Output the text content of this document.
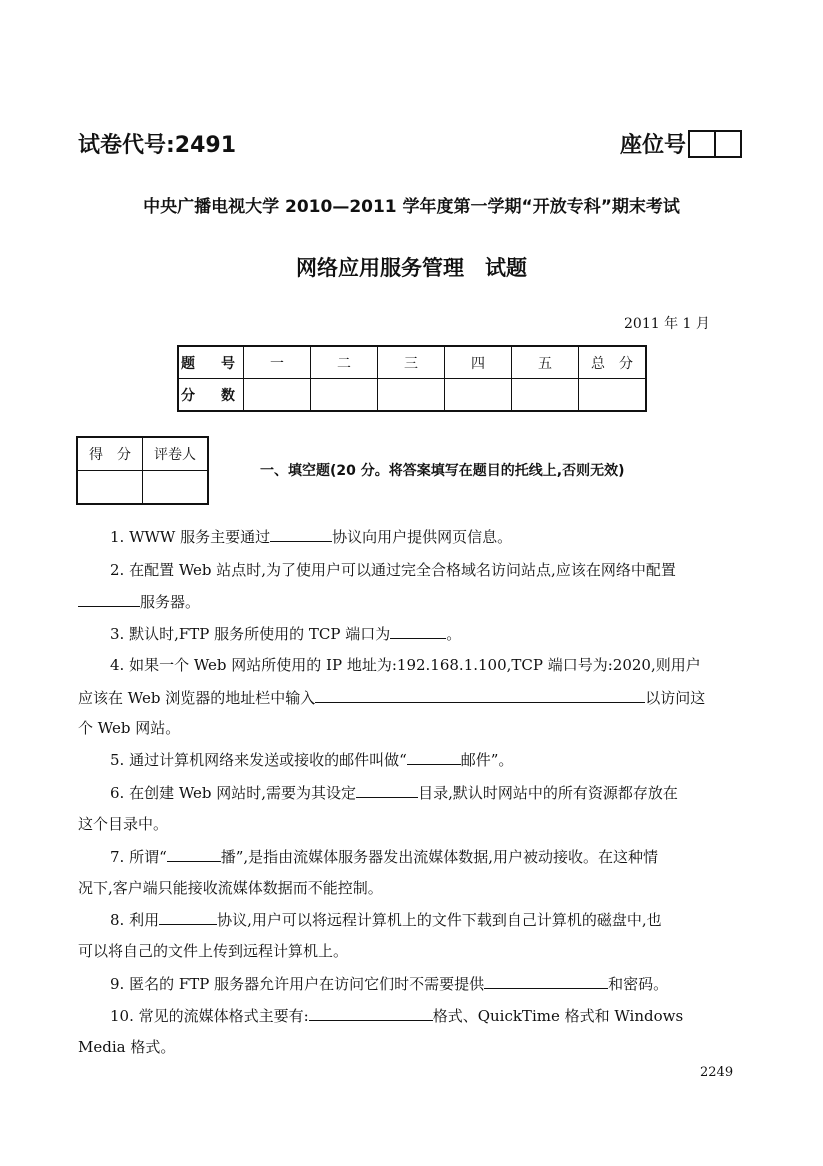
试卷代号:2491	座位号
中央广播电视大学 2010—2011 学年度第一学期“开放专科”期末考试
网络应用服务管理　试题
2011 年 1 月
题　号	一	二	三	四	五	总　分
分　数						
得　分	评卷人

一、填空题(20 分。将答案填写在题目的托线上,否则无效)
1. WWW 服务主要通过	协议向用户提供网页信息。
2. 在配置 Web 站点时,为了使用户可以通过完全合格域名访问站点,应该在网络中配置
服务器。
3. 默认时,FTP 服务所使用的 TCP 端口为	。
4. 如果一个 Web 网站所使用的 IP 地址为:192.168.1.100,TCP 端口号为:2020,则用户
应该在 Web 浏览器的地址栏中输入	以访问这
个 Web 网站。
5. 通过计算机网络来发送或接收的邮件叫做“	邮件”。
6. 在创建 Web 网站时,需要为其设定	目录,默认时网站中的所有资源都存放在
这个目录中。
7. 所谓“	播”,是指由流媒体服务器发出流媒体数据,用户被动接收。在这种情
况下,客户端只能接收流媒体数据而不能控制。
8. 利用	协议,用户可以将远程计算机上的文件下载到自己计算机的磁盘中,也
可以将自己的文件上传到远程计算机上。
9. 匿名的 FTP 服务器允许用户在访问它们时不需要提供	和密码。
10. 常见的流媒体格式主要有:	格式、QuickTime 格式和 Windows
Media 格式。
2249
